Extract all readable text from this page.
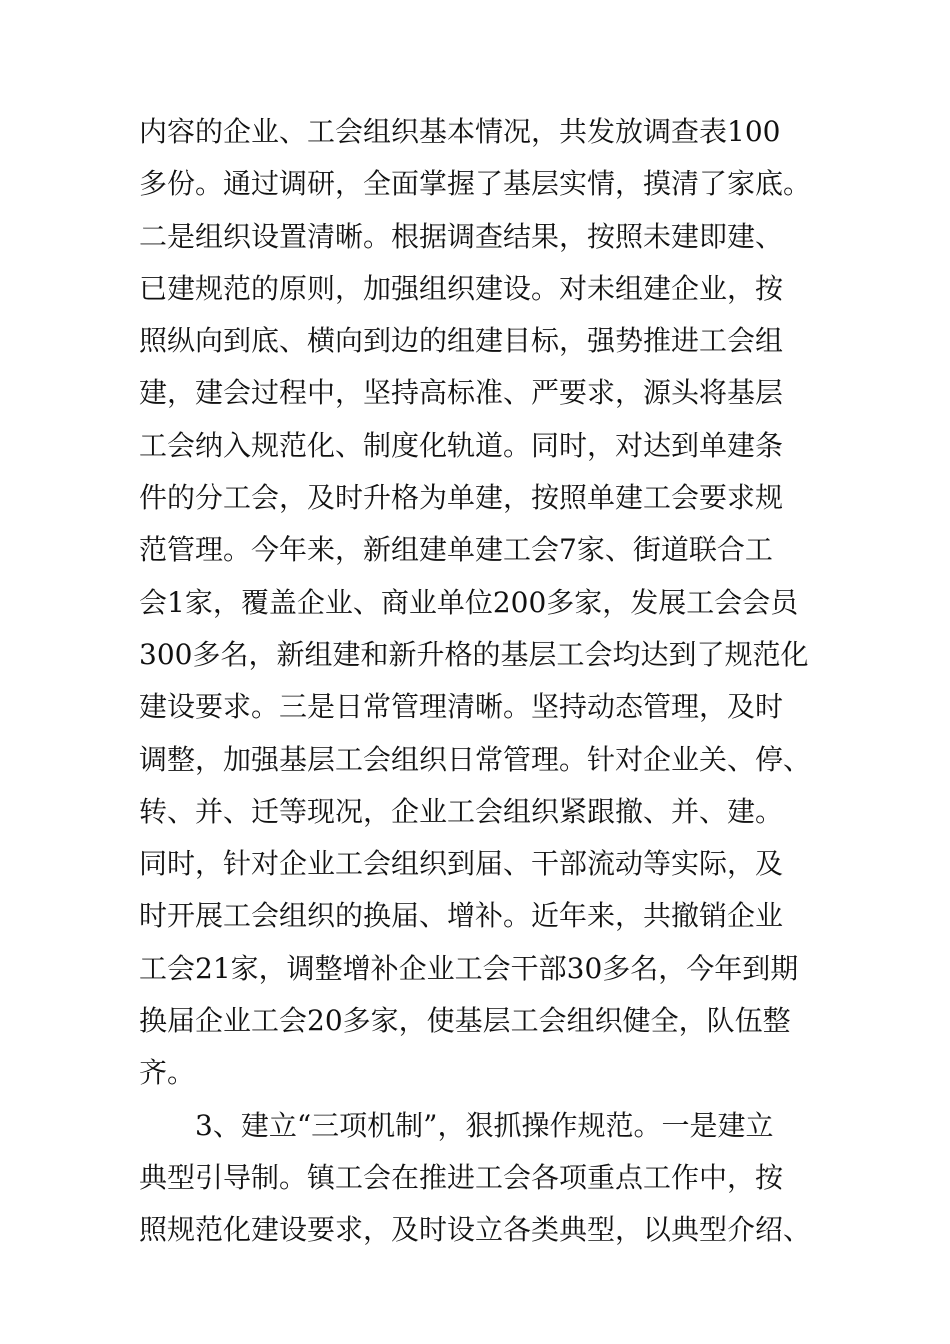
内容的企业、工会组织基本情况，共发放调查表100
多份。通过调研，全面掌握了基层实情，摸清了家底。
二是组织设置清晰。根据调查结果，按照未建即建、
已建规范的原则，加强组织建设。对未组建企业，按
照纵向到底、横向到边的组建目标，强势推进工会组
建，建会过程中，坚持高标准、严要求，源头将基层
工会纳入规范化、制度化轨道。同时，对达到单建条
件的分工会，及时升格为单建，按照单建工会要求规
范管理。今年来，新组建单建工会7家、街道联合工
会1家，覆盖企业、商业单位200多家，发展工会会员
300多名，新组建和新升格的基层工会均达到了规范化
建设要求。三是日常管理清晰。坚持动态管理，及时
调整，加强基层工会组织日常管理。针对企业关、停、
转、并、迁等现况，企业工会组织紧跟撤、并、建。
同时，针对企业工会组织到届、干部流动等实际，及
时开展工会组织的换届、增补。近年来，共撤销企业
工会21家，调整增补企业工会干部30多名，今年到期
换届企业工会20多家，使基层工会组织健全，队伍整
齐。
3、建立“三项机制”，狠抓操作规范。一是建立
典型引导制。镇工会在推进工会各项重点工作中，按
照规范化建设要求，及时设立各类典型，以典型介绍、
